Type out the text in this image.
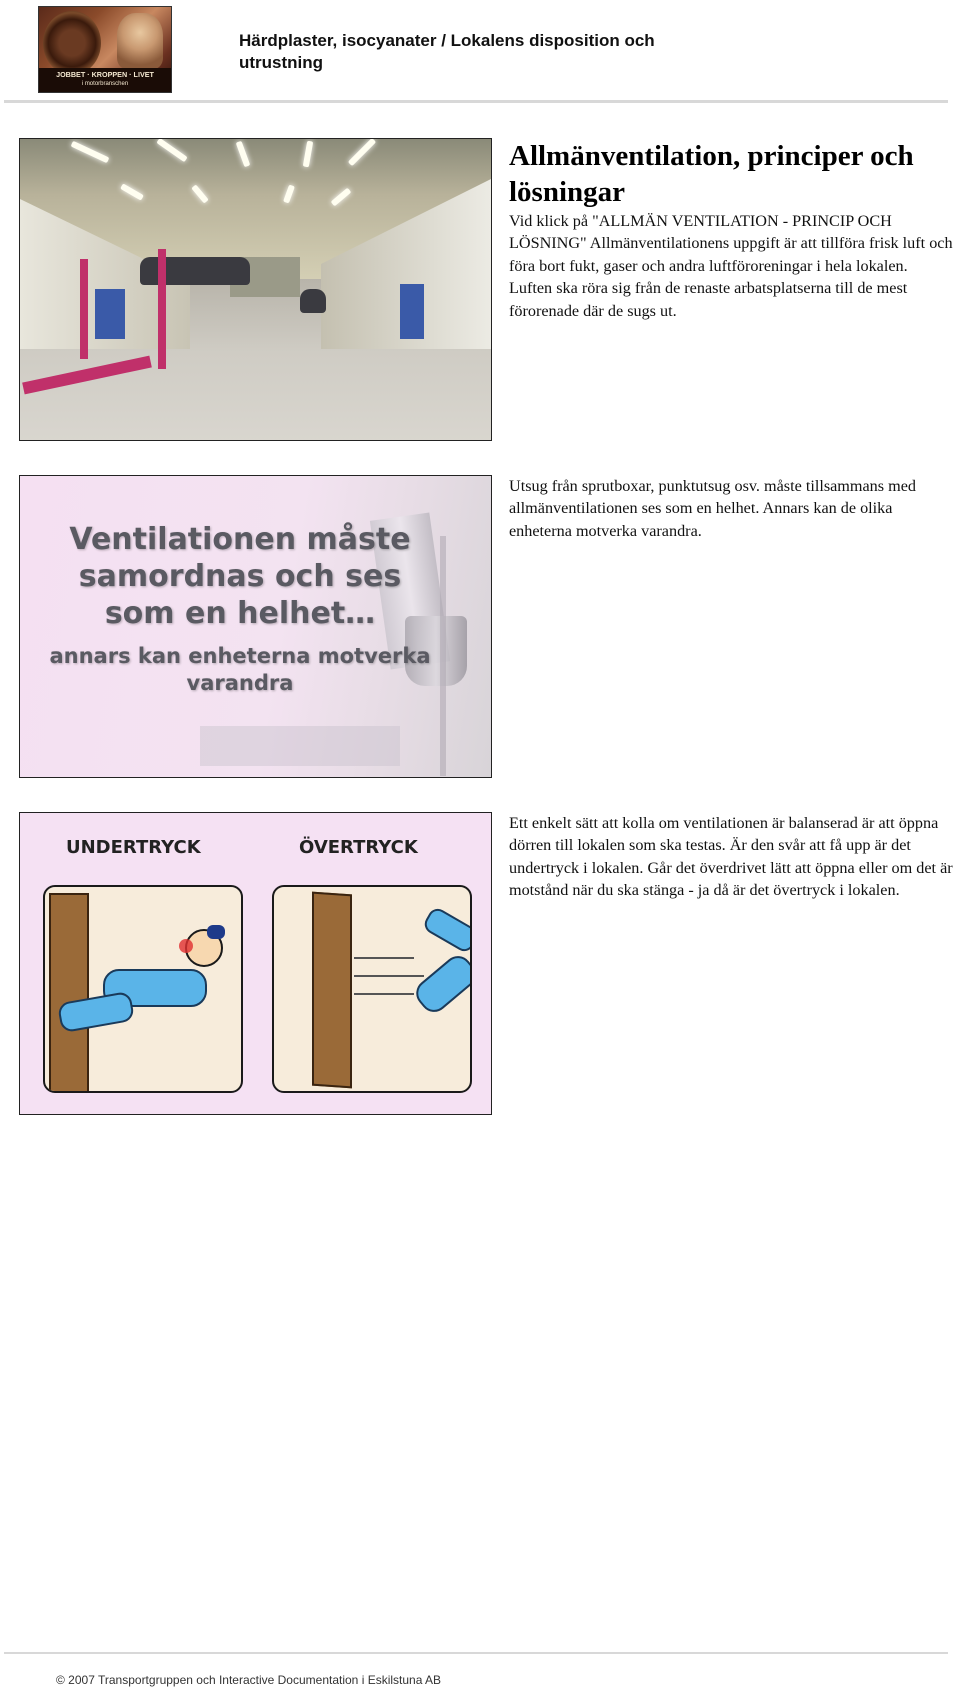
JOBBET · KROPPEN · LIVET
i motorbranschen
Härdplaster, isocyanater / Lokalens disposition och utrustning
Allmänventilation, principer och lösningar
Vid klick på "ALLMÄN VENTILATION - PRINCIP OCH LÖSNING" Allmänventilationens uppgift är att tillföra frisk luft och föra bort fukt, gaser och andra luftföroreningar i hela lokalen. Luften ska röra sig från de renaste arbatsplatserna till de mest förorenade där de sugs ut.
Ventilationen måste samordnas och ses som en helhet…
annars kan enheterna motverka varandra
Utsug från sprutboxar, punktutsug osv. måste tillsammans med allmänventilationen ses som en helhet. Annars kan de olika enheterna motverka varandra.
UNDERTRYCK	ÖVERTRYCK
Ett enkelt sätt att kolla om ventilationen är balanserad är att öppna dörren till lokalen som ska testas. Är den svår att få upp är det undertryck i lokalen. Går det överdrivet lätt att öppna eller om det är motstånd när du ska stänga - ja då är det övertryck i lokalen.
© 2007 Transportgruppen och Interactive Documentation i Eskilstuna AB
